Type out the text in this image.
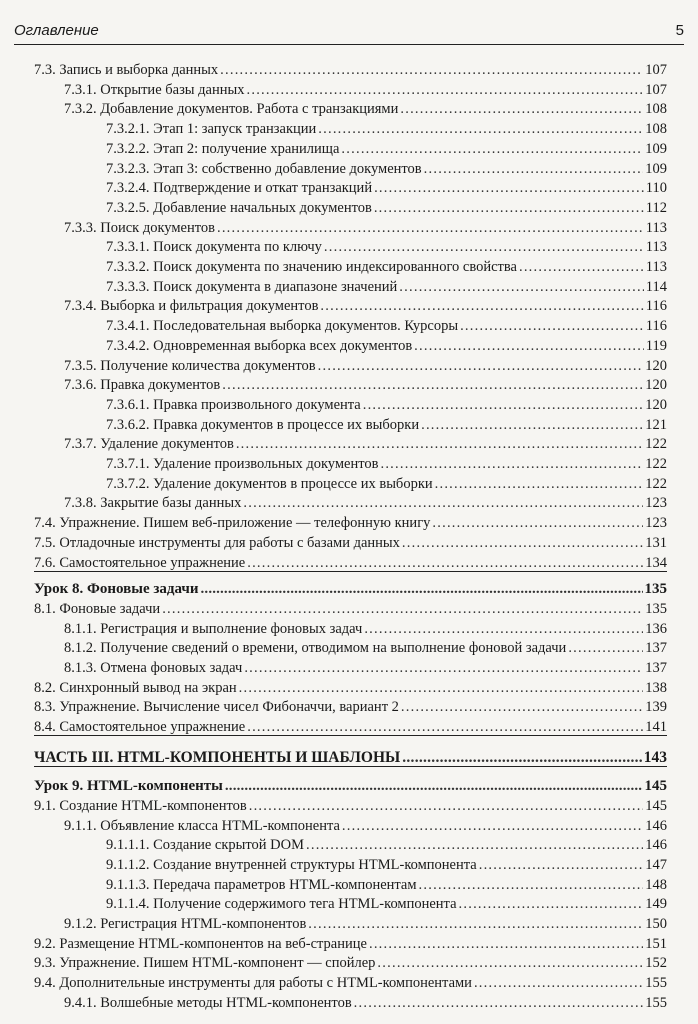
Оглавление	5
7.3. Запись и выборка данных . . .	107
7.3.1. Открытие базы данных . . .	107
7.3.2. Добавление документов. Работа с транзакциями . . .	108
7.3.2.1. Этап 1: запуск транзакции . . .	108
7.3.2.2. Этап 2: получение хранилища . . .	109
7.3.2.3. Этап 3: собственно добавление документов . . .	109
7.3.2.4. Подтверждение и откат транзакций . . .	110
7.3.2.5. Добавление начальных документов . . .	112
7.3.3. Поиск документов . . .	113
7.3.3.1. Поиск документа по ключу . . .	113
7.3.3.2. Поиск документа по значению индексированного свойства . . .	113
7.3.3.3. Поиск документа в диапазоне значений . . .	114
7.3.4. Выборка и фильтрация документов . . .	116
7.3.4.1. Последовательная выборка документов. Курсоры . . .	116
7.3.4.2. Одновременная выборка всех документов . . .	119
7.3.5. Получение количества документов . . .	120
7.3.6. Правка документов . . .	120
7.3.6.1. Правка произвольного документа . . .	120
7.3.6.2. Правка документов в процессе их выборки . . .	121
7.3.7. Удаление документов . . .	122
7.3.7.1. Удаление произвольных документов . . .	122
7.3.7.2. Удаление документов в процессе их выборки . . .	122
7.3.8. Закрытие базы данных . . .	123
7.4. Упражнение. Пишем веб-приложение — телефонную книгу . . .	123
7.5. Отладочные инструменты для работы с базами данных . . .	131
7.6. Самостоятельное упражнение . . .	134
Урок 8. Фоновые задачи . . .	135
8.1. Фоновые задачи . . .	135
8.1.1. Регистрация и выполнение фоновых задач . . .	136
8.1.2. Получение сведений о времени, отводимом на выполнение фоновой задачи . . .	137
8.1.3. Отмена фоновых задач . . .	137
8.2. Синхронный вывод на экран . . .	138
8.3. Упражнение. Вычисление чисел Фибоначчи, вариант 2 . . .	139
8.4. Самостоятельное упражнение . . .	141
ЧАСТЬ III. HTML-КОМПОНЕНТЫ И ШАБЛОНЫ . . .	143
Урок 9. HTML-компоненты . . .	145
9.1. Создание HTML-компонентов . . .	145
9.1.1. Объявление класса HTML-компонента . . .	146
9.1.1.1. Создание скрытой DOM . . .	146
9.1.1.2. Создание внутренней структуры HTML-компонента . . .	147
9.1.1.3. Передача параметров HTML-компонентам . . .	148
9.1.1.4. Получение содержимого тега HTML-компонента . . .	149
9.1.2. Регистрация HTML-компонентов . . .	150
9.2. Размещение HTML-компонентов на веб-странице . . .	151
9.3. Упражнение. Пишем HTML-компонент — спойлер . . .	152
9.4. Дополнительные инструменты для работы с HTML-компонентами . . .	155
9.4.1. Волшебные методы HTML-компонентов . . .	155
